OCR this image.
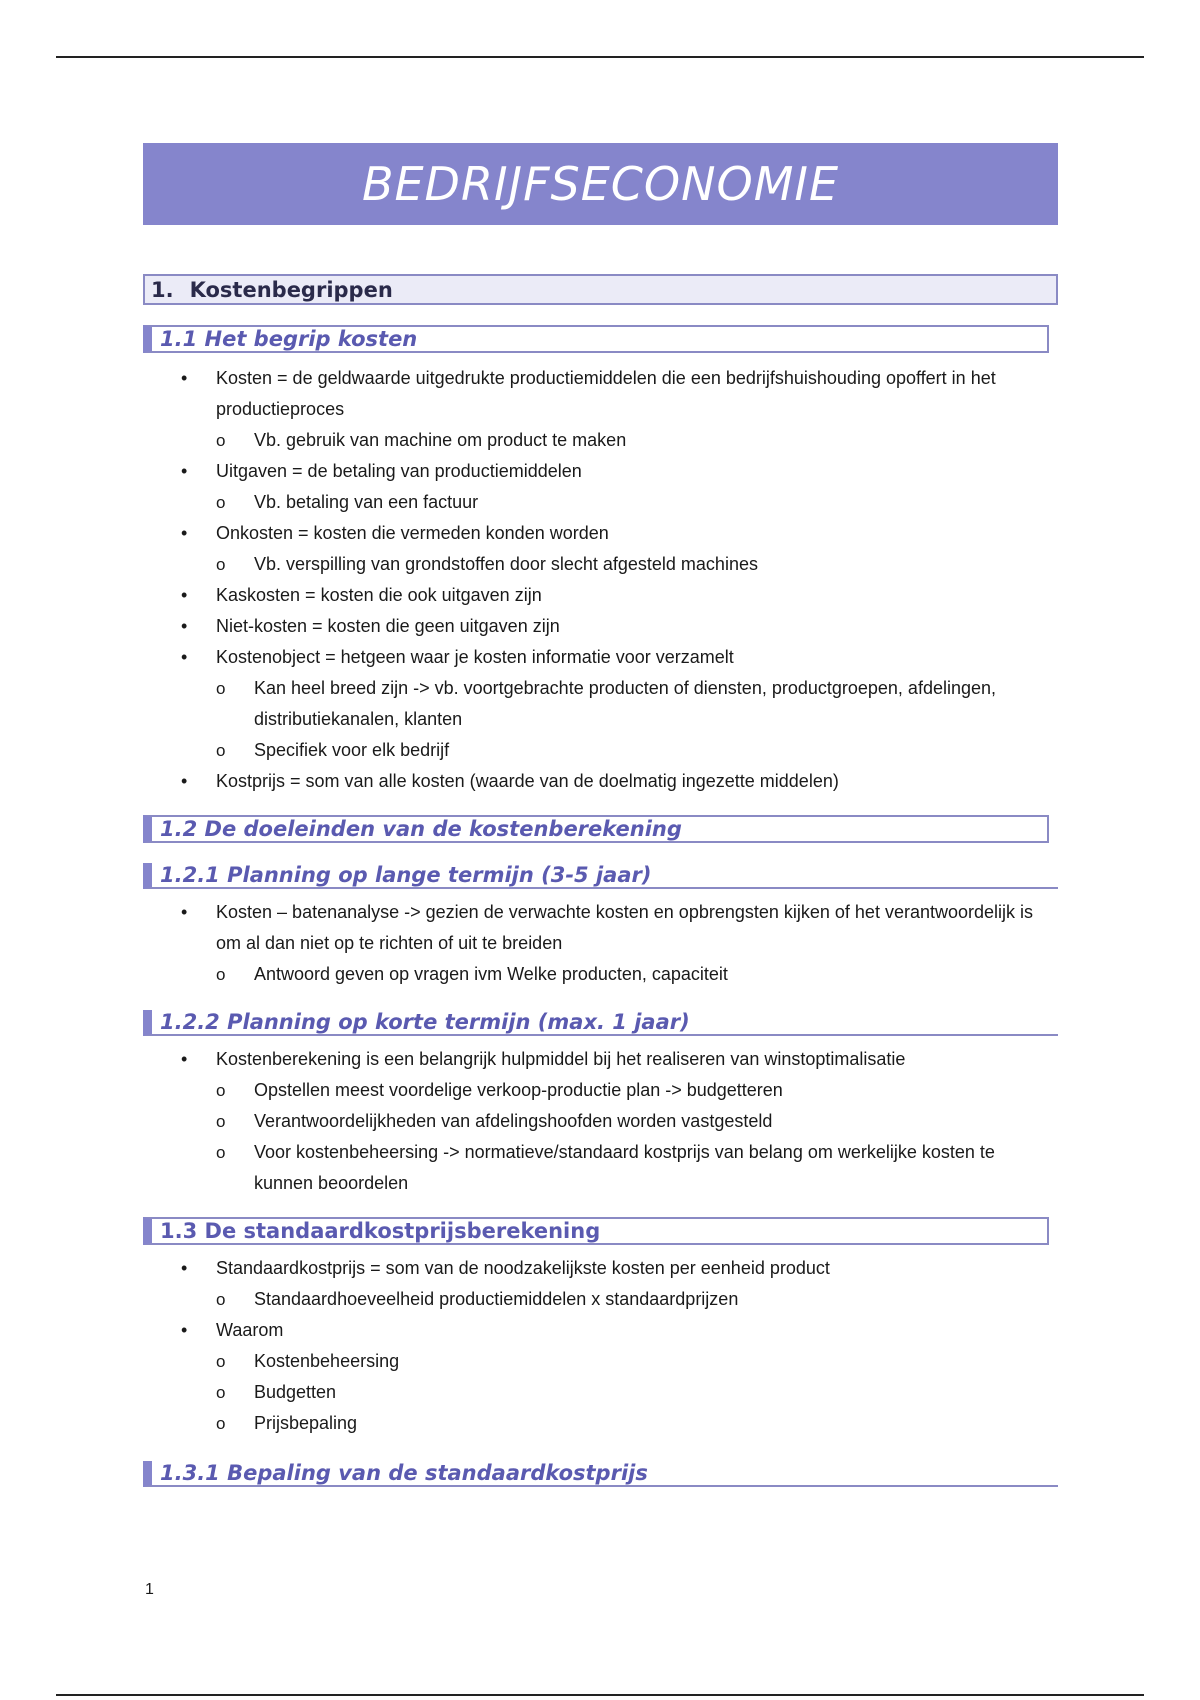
BEDRIJFSECONOMIE
1. Kostenbegrippen
1.1 Het begrip kosten
• Kosten = de geldwaarde uitgedrukte productiemiddelen die een bedrijfshuishouding opoffert in het productieproces
o Vb. gebruik van machine om product te maken
• Uitgaven = de betaling van productiemiddelen
o Vb. betaling van een factuur
• Onkosten = kosten die vermeden konden worden
o Vb. verspilling van grondstoffen door slecht afgesteld machines
• Kaskosten = kosten die ook uitgaven zijn
• Niet-kosten = kosten die geen uitgaven zijn
• Kostenobject = hetgeen waar je kosten informatie voor verzamelt
o Kan heel breed zijn -> vb. voortgebrachte producten of diensten, productgroepen, afdelingen, distributiekanalen, klanten
o Specifiek voor elk bedrijf
• Kostprijs = som van alle kosten (waarde van de doelmatig ingezette middelen)
1.2 De doeleinden van de kostenberekening
1.2.1 Planning op lange termijn (3-5 jaar)
• Kosten – batenanalyse -> gezien de verwachte kosten en opbrengsten kijken of het verantwoordelijk is om al dan niet op te richten of uit te breiden
o Antwoord geven op vragen ivm Welke producten, capaciteit
1.2.2 Planning op korte termijn (max. 1 jaar)
• Kostenberekening is een belangrijk hulpmiddel bij het realiseren van winstoptimalisatie
o Opstellen meest voordelige verkoop-productie plan -> budgetteren
o Verantwoordelijkheden van afdelingshoofden worden vastgesteld
o Voor kostenbeheersing -> normatieve/standaard kostprijs van belang om werkelijke kosten te kunnen beoordelen
1.3 De standaardkostprijsberekening
• Standaardkostprijs = som van de noodzakelijkste kosten per eenheid product
o Standaardhoeveelheid productiemiddelen x standaardprijzen
• Waarom
o Kostenbeheersing
o Budgetten
o Prijsbepaling
1.3.1 Bepaling van de standaardkostprijs
1
